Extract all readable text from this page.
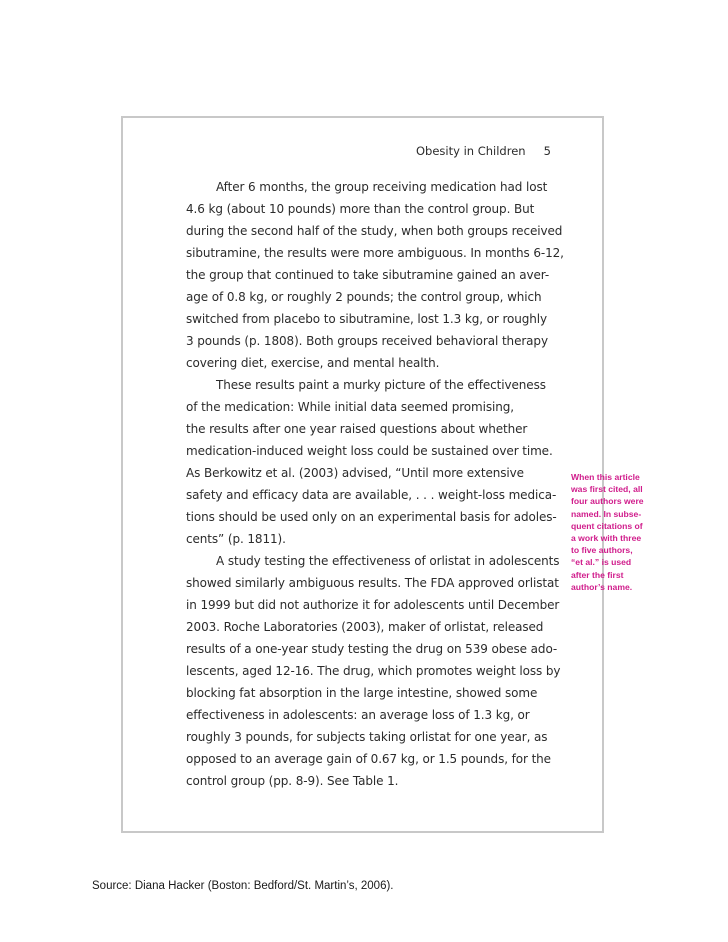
Obesity in Children 5
After 6 months, the group receiving medication had lost
4.6 kg (about 10 pounds) more than the control group. But
during the second half of the study, when both groups received
sibutramine, the results were more ambiguous. In months 6-12,
the group that continued to take sibutramine gained an aver-
age of 0.8 kg, or roughly 2 pounds; the control group, which
switched from placebo to sibutramine, lost 1.3 kg, or roughly
3 pounds (p. 1808). Both groups received behavioral therapy
covering diet, exercise, and mental health.
These results paint a murky picture of the effectiveness
of the medication: While initial data seemed promising,
the results after one year raised questions about whether
medication-induced weight loss could be sustained over time.
As Berkowitz et al. (2003) advised, “Until more extensive
safety and efficacy data are available, . . . weight-loss medica-
tions should be used only on an experimental basis for adoles-
cents” (p. 1811).
A study testing the effectiveness of orlistat in adolescents
showed similarly ambiguous results. The FDA approved orlistat
in 1999 but did not authorize it for adolescents until December
2003. Roche Laboratories (2003), maker of orlistat, released
results of a one-year study testing the drug on 539 obese ado-
lescents, aged 12-16. The drug, which promotes weight loss by
blocking fat absorption in the large intestine, showed some
effectiveness in adolescents: an average loss of 1.3 kg, or
roughly 3 pounds, for subjects taking orlistat for one year, as
opposed to an average gain of 0.67 kg, or 1.5 pounds, for the
control group (pp. 8-9). See Table 1.
When this article
was first cited, all
four authors were
named. In subse-
quent citations of
a work with three
to five authors,
“et al.” is used
after the first
author’s name.
Source: Diana Hacker (Boston: Bedford/St. Martin’s, 2006).
